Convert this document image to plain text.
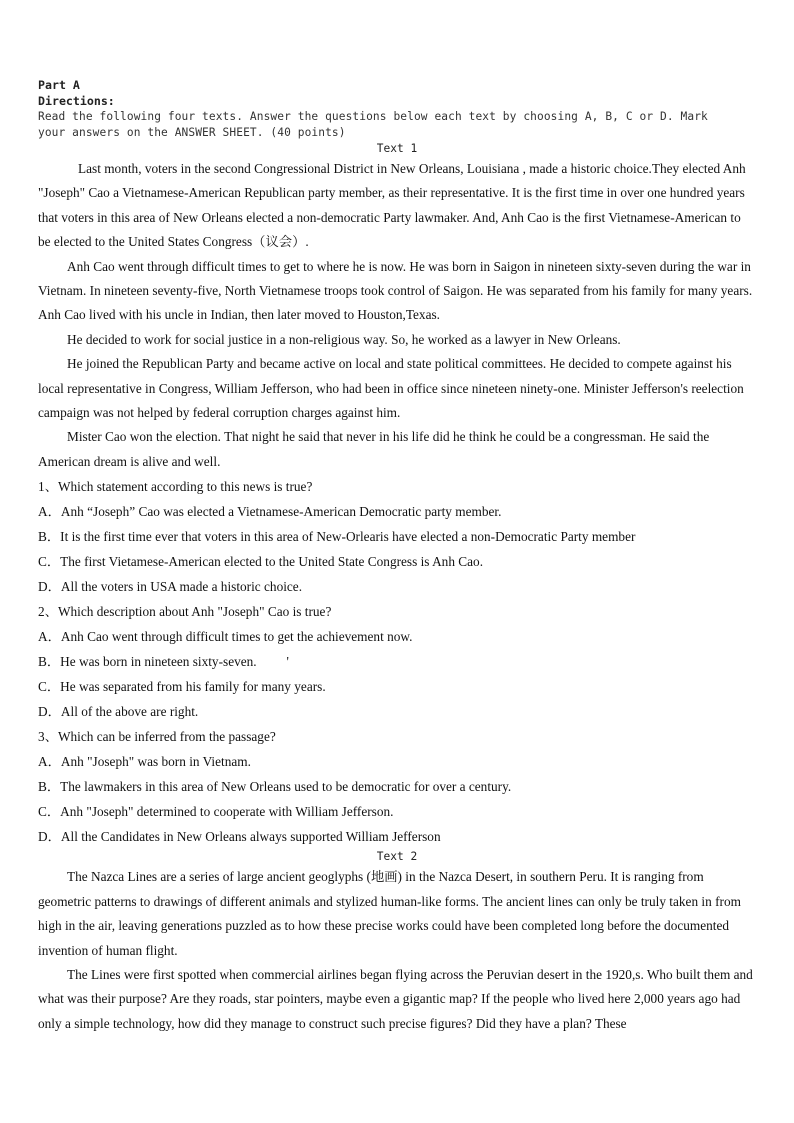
Part A

Directions:

Read the following four texts. Answer the questions below each text by choosing A, B, C or D. Mark

your answers on the ANSWER SHEET. (40 points)

Text 1

Last month, voters in the second Congressional District in New Orleans, Louisiana , made a historic choice.They elected Anh "Joseph" Cao a Vietnamese-American Republican party member, as their representative. It is the first time in over one hundred years that voters in this area of New Orleans elected a non-democratic Party lawmaker. And, Anh Cao is the first Vietnamese-American to be elected to the United States Congress（议会）.

Anh Cao went through difficult times to get to where he is now. He was born in Saigon in nineteen sixty-seven during the war in Vietnam. In nineteen seventy-five, North Vietnamese troops took control of Saigon. He was separated from his family for many years. Anh Cao lived with his uncle in Indian, then later moved to Houston,Texas.

He decided to work for social justice in a non-religious way. So, he worked as a lawyer in New Orleans.

He joined the Republican Party and became active on local and state political committees. He decided to compete against his local representative in Congress, William Jefferson, who had been in office since nineteen ninety-one. Minister Jefferson's reelection campaign was not helped by federal corruption charges against him.

Mister Cao won the election. That night he said that never in his life did he think he could be a congressman. He said the American dream is alive and well.

1、Which statement according to this news is true?

A．Anh “Joseph” Cao was elected a Vietnamese-American Democratic party member.

B．It is the first time ever that voters in this area of New-Orlearis have elected a non-Democratic Party member

C．The first Vietamese-American elected to the United State Congress is Anh Cao.

D．All the voters in USA made a historic choice.

2、Which description about Anh "Joseph" Cao is true?

A．Anh Cao went through difficult times to get the achievement now.

B．He was born in nineteen sixty-seven.         '

C．He was separated from his family for many years.

D．All of the above are right.

3、Which can be inferred from the passage?

A．Anh "Joseph" was born in Vietnam.

B．The lawmakers in this area of New Orleans used to be democratic for over a century.

C．Anh "Joseph" determined to cooperate with William Jefferson.

D．All the Candidates in New Orleans always supported William Jefferson

Text 2

The Nazca Lines are a series of large ancient geoglyphs (地画) in the Nazca Desert, in southern Peru. It is ranging from geometric patterns to drawings of different animals and stylized human-like forms. The ancient lines can only be truly taken in from high in the air, leaving generations puzzled as to how these precise works could have been completed long before the documented invention of human flight.

The Lines were first spotted when commercial airlines began flying across the Peruvian desert in the 1920,s. Who built them and what was their purpose? Are they roads, star pointers, maybe even a gigantic map? If the people who lived here 2,000 years ago had only a simple technology, how did they manage to construct such precise figures? Did they have a plan? These
